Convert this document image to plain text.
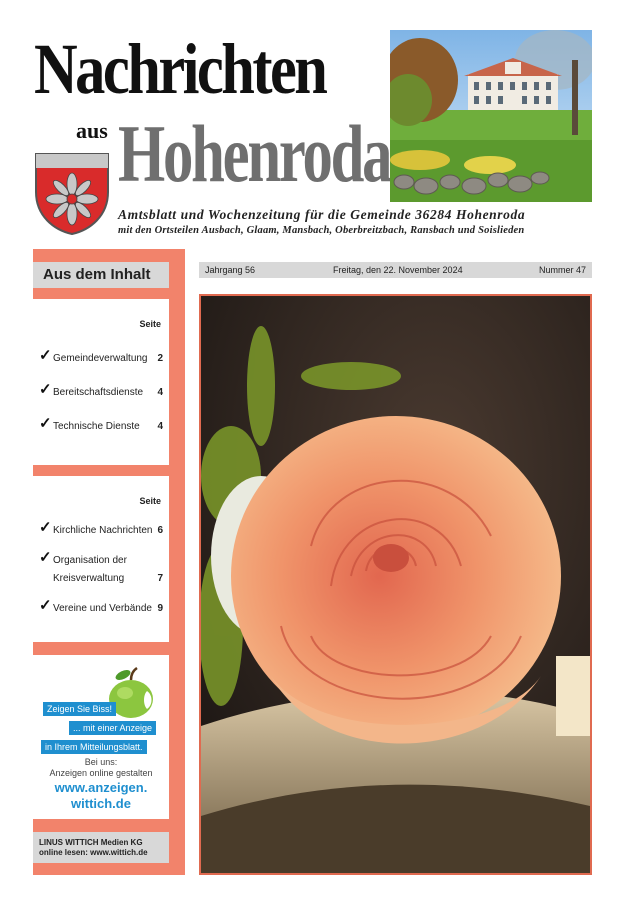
Nachrichten
aus Hohenroda
Amtsblatt und Wochenzeitung für die Gemeinde 36284 Hohenroda
mit den Ortsteilen Ausbach, Glaam, Mansbach, Oberbreitzbach, Ransbach und Soislieden
Aus dem Inhalt
Seite
✓ Gemeindeverwaltung 2
✓ Bereitschaftsdienste 4
✓ Technische Dienste 4
Seite
✓ Kirchliche Nachrichten 6
✓ Organisation der
Kreisverwaltung	7
✓ Vereine und Verbände 9
Zeigen Sie Biss!
... mit einer Anzeige
in Ihrem Mitteilungsblatt.
Bei uns:
Anzeigen online gestalten
www.anzeigen.
wittich.de
LINUS WITTICH Medien KG
online lesen: www.wittich.de
Jahrgang 56	Freitag, den 22. November 2024	Nummer 47
